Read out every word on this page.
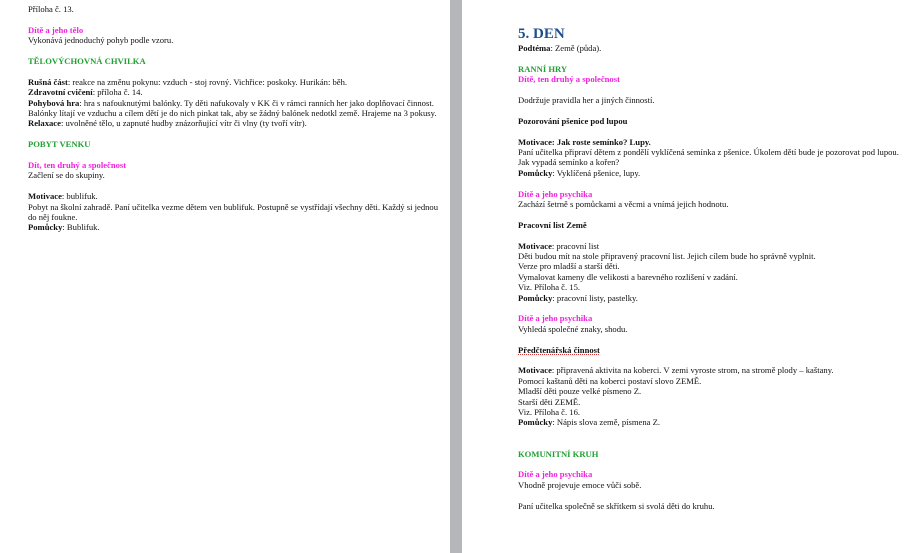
Příloha č. 13.

Dítě a jeho tělo

Vykonává jednoduchý pohyb podle vzoru.

TĚLOVÝCHOVNÁ CHVILKA

Rušná část: reakce na změnu pokynu: vzduch - stoj rovný. Vichřice: poskoky. Hurikán: běh.

Zdravotní cvičení: příloha č. 14.

Pohybová hra: hra s nafouknutými balónky. Ty děti nafukovaly v KK či v rámci ranních her jako doplňovací činnost. Balónky lítají ve vzduchu a cílem dětí je do nich pinkat tak, aby se žádný balónek nedotkl země. Hrajeme na 3 pokusy.

Relaxace: uvolněné tělo, u zapnuté hudby znázorňující vítr či vlny (ty tvoří vítr).

POBYT VENKU

Dít, ten druhý a společnost

Začlení se do skupiny.

Motivace: bublifuk.

Pobyt na školní zahradě. Paní učitelka vezme dětem ven bublifuk. Postupně se vystřídají všechny děti. Každý si jednou do něj foukne.

Pomůcky: Bublifuk.

5. DEN

Podtéma: Země (půda).

RANNÍ HRY

Dítě, ten druhý a společnost

Dodržuje pravidla her a jiných činností.

Pozorování pšenice pod lupou

Motivace: Jak roste semínko? Lupy.

Paní učitelka připraví dětem z pondělí vyklíčená semínka z pšenice. Úkolem dětí bude je pozorovat pod lupou. Jak vypadá semínko a kořen?

Pomůcky: Vyklíčená pšenice, lupy.

Dítě a jeho psychika

Zachází šetrně s pomůckami a věcmi a vnímá jejich hodnotu.

Pracovní list Země

Motivace: pracovní list

Děti budou mít na stole připravený pracovní list. Jejich cílem bude ho správně vyplnit.

Verze pro mladší a starší děti.

Vymalovat kameny dle velikosti a barevného rozlišení v zadání.

Viz. Příloha č. 15.

Pomůcky: pracovní listy, pastelky.

Dítě a jeho psychika

Vyhledá společné znaky, shodu.

Předčtenářská činnost

Motivace: připravená aktivita na koberci. V zemi vyroste strom, na stromě plody – kaštany.

Pomocí kaštanů děti na koberci postaví slovo ZEMĚ.

Mladší děti pouze velké písmeno Z.

Starší děti ZEMĚ.

Viz. Příloha č. 16.

Pomůcky: Nápis slova země, písmena Z.

KOMUNITNÍ KRUH

Dítě a jeho psychika

Vhodně projevuje emoce vůči sobě.

Paní učitelka společně se skřítkem si svolá děti do kruhu.
